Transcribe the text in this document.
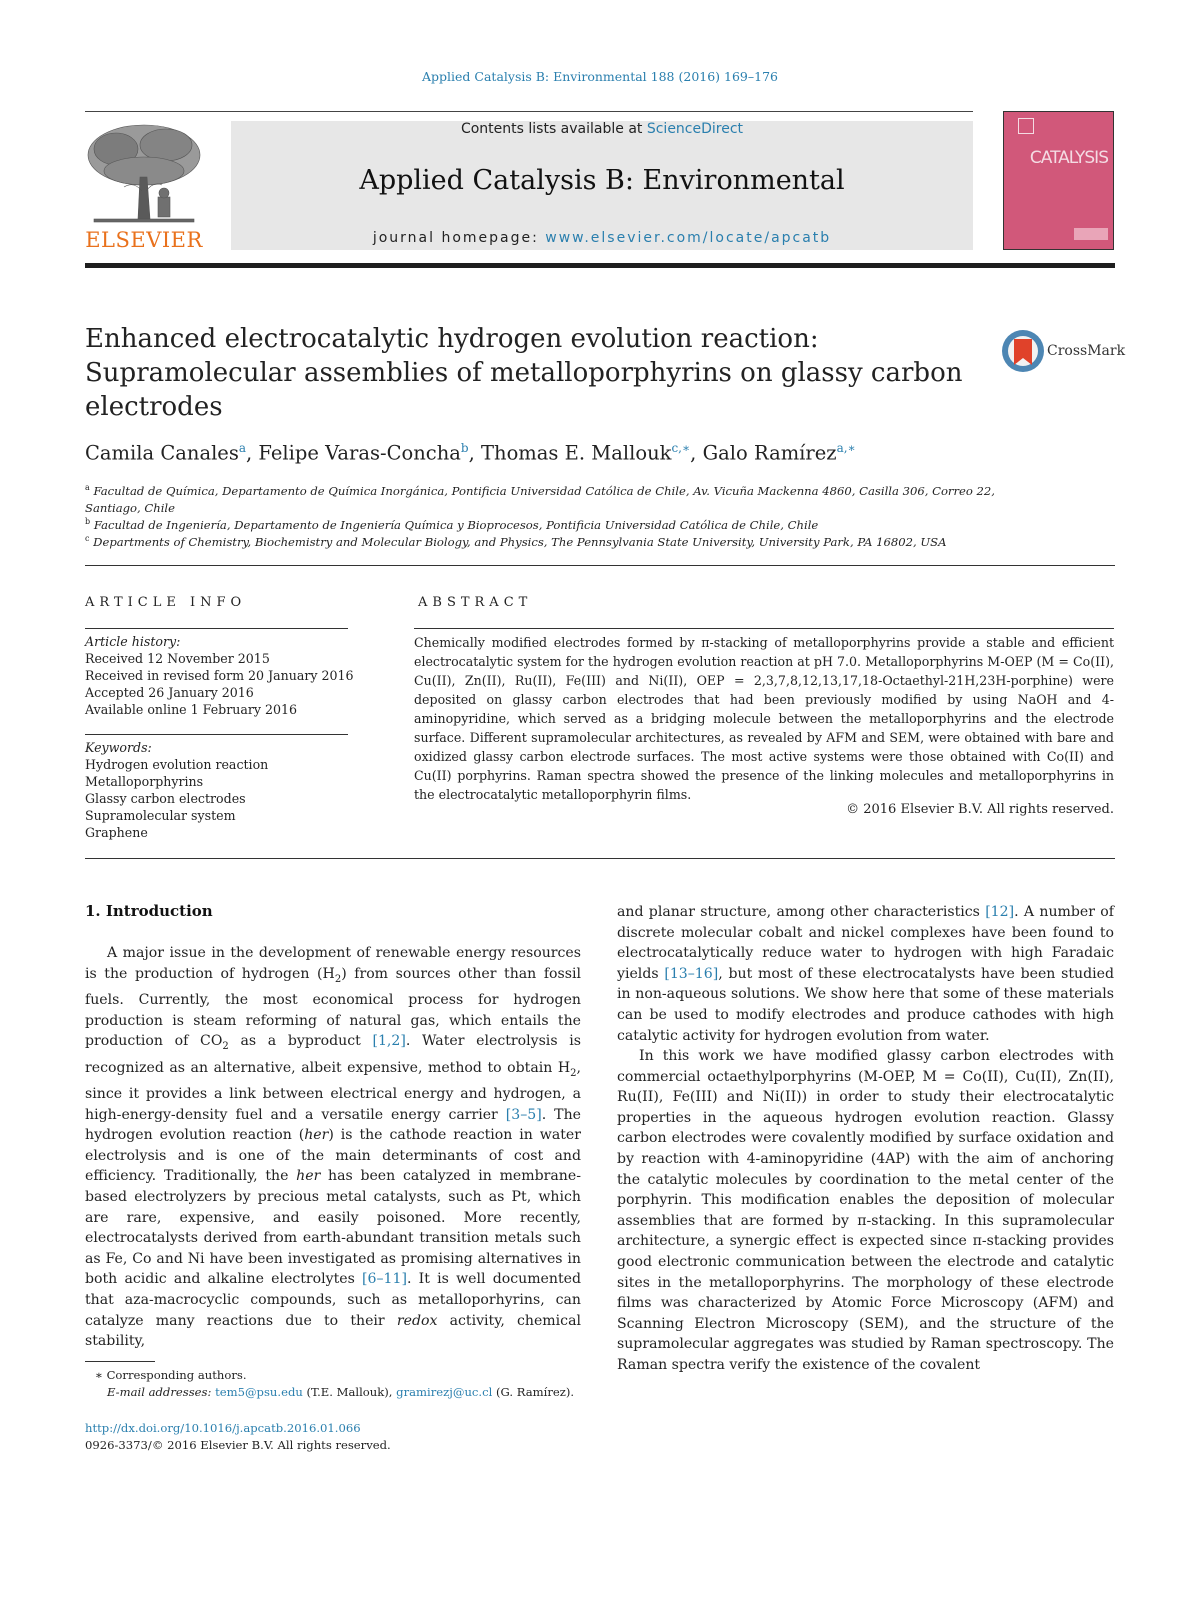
Applied Catalysis B: Environmental 188 (2016) 169–176
ELSEVIER
Contents lists available at ScienceDirect
Applied Catalysis B: Environmental
journal homepage: www.elsevier.com/locate/apcatb
CATALYSIS
Enhanced electrocatalytic hydrogen evolution reaction:
Supramolecular assemblies of metalloporphyrins on glassy carbon
electrodes
CrossMark
Camila Canales$^a$, Felipe Varas-Concha$^b$, Thomas E. Mallouk$^{c,∗}$, Galo Ramírez$^{a,∗}$
$^a$ Facultad de Química, Departamento de Química Inorgánica, Pontificia Universidad Católica de Chile, Av. Vicuña Mackenna 4860, Casilla 306, Correo 22,
Santiago, Chile
$^b$ Facultad de Ingeniería, Departamento de Ingeniería Química y Bioprocesos, Pontificia Universidad Católica de Chile, Chile
$^c$ Departments of Chemistry, Biochemistry and Molecular Biology, and Physics, The Pennsylvania State University, University Park, PA 16802, USA
ARTICLE INFO	ABSTRACT
Article history:
Received 12 November 2015
Received in revised form 20 January 2016
Accepted 26 January 2016
Available online 1 February 2016
Keywords:
Hydrogen evolution reaction
Metalloporphyrins
Glassy carbon electrodes
Supramolecular system
Graphene
Chemically modified electrodes formed by π-stacking of metalloporphyrins provide a stable and efficient electrocatalytic system for the hydrogen evolution reaction at pH 7.0. Metalloporphyrins M-OEP (M = Co(II), Cu(II), Zn(II), Ru(II), Fe(III) and Ni(II), OEP = 2,3,7,8,12,13,17,18-Octaethyl-21H,23H-porphine) were deposited on glassy carbon electrodes that had been previously modified by using NaOH and 4-aminopyridine, which served as a bridging molecule between the metalloporphyrins and the electrode surface. Different supramolecular architectures, as revealed by AFM and SEM, were obtained with bare and oxidized glassy carbon electrode surfaces. The most active systems were those obtained with Co(II) and Cu(II) porphyrins. Raman spectra showed the presence of the linking molecules and metalloporphyrins in the electrocatalytic metalloporphyrin films.
© 2016 Elsevier B.V. All rights reserved.
1. Introduction
A major issue in the development of renewable energy resources is the production of hydrogen $(H_2)$ from sources other than fossil fuels. Currently, the most economical process for hydrogen production is steam reforming of natural gas, which entails the production of $CO_2$ as a byproduct [1,2]. Water electrolysis is recognized as an alternative, albeit expensive, method to obtain $H_2$, since it provides a link between electrical energy and hydrogen, a high-energy-density fuel and a versatile energy carrier [3–5]. The hydrogen evolution reaction (her) is the cathode reaction in water electrolysis and is one of the main determinants of cost and efficiency. Traditionally, the her has been catalyzed in membrane-based electrolyzers by precious metal catalysts, such as Pt, which are rare, expensive, and easily poisoned. More recently, electrocatalysts derived from earth-abundant transition metals such as Fe, Co and Ni have been investigated as promising alternatives in both acidic and alkaline electrolytes [6–11]. It is well documented that aza-macrocyclic compounds, such as metalloporhyrins, can catalyze many reactions due to their redox activity, chemical stability,
and planar structure, among other characteristics [12]. A number of discrete molecular cobalt and nickel complexes have been found to electrocatalytically reduce water to hydrogen with high Faradaic yields [13–16], but most of these electrocatalysts have been studied in non-aqueous solutions. We show here that some of these materials can be used to modify electrodes and produce cathodes with high catalytic activity for hydrogen evolution from water.
In this work we have modified glassy carbon electrodes with commercial octaethylporphyrins (M-OEP, M = Co(II), Cu(II), Zn(II), Ru(II), Fe(III) and Ni(II)) in order to study their electrocatalytic properties in the aqueous hydrogen evolution reaction. Glassy carbon electrodes were covalently modified by surface oxidation and by reaction with 4-aminopyridine (4AP) with the aim of anchoring the catalytic molecules by coordination to the metal center of the porphyrin. This modification enables the deposition of molecular assemblies that are formed by π-stacking. In this supramolecular architecture, a synergic effect is expected since π-stacking provides good electronic communication between the electrode and catalytic sites in the metalloporphyrins. The morphology of these electrode films was characterized by Atomic Force Microscopy (AFM) and Scanning Electron Microscopy (SEM), and the structure of the supramolecular aggregates was studied by Raman spectroscopy. The Raman spectra verify the existence of the covalent
∗ Corresponding authors.
E-mail addresses: tem5@psu.edu (T.E. Mallouk), gramirezj@uc.cl (G. Ramírez).
http://dx.doi.org/10.1016/j.apcatb.2016.01.066
0926-3373/© 2016 Elsevier B.V. All rights reserved.
